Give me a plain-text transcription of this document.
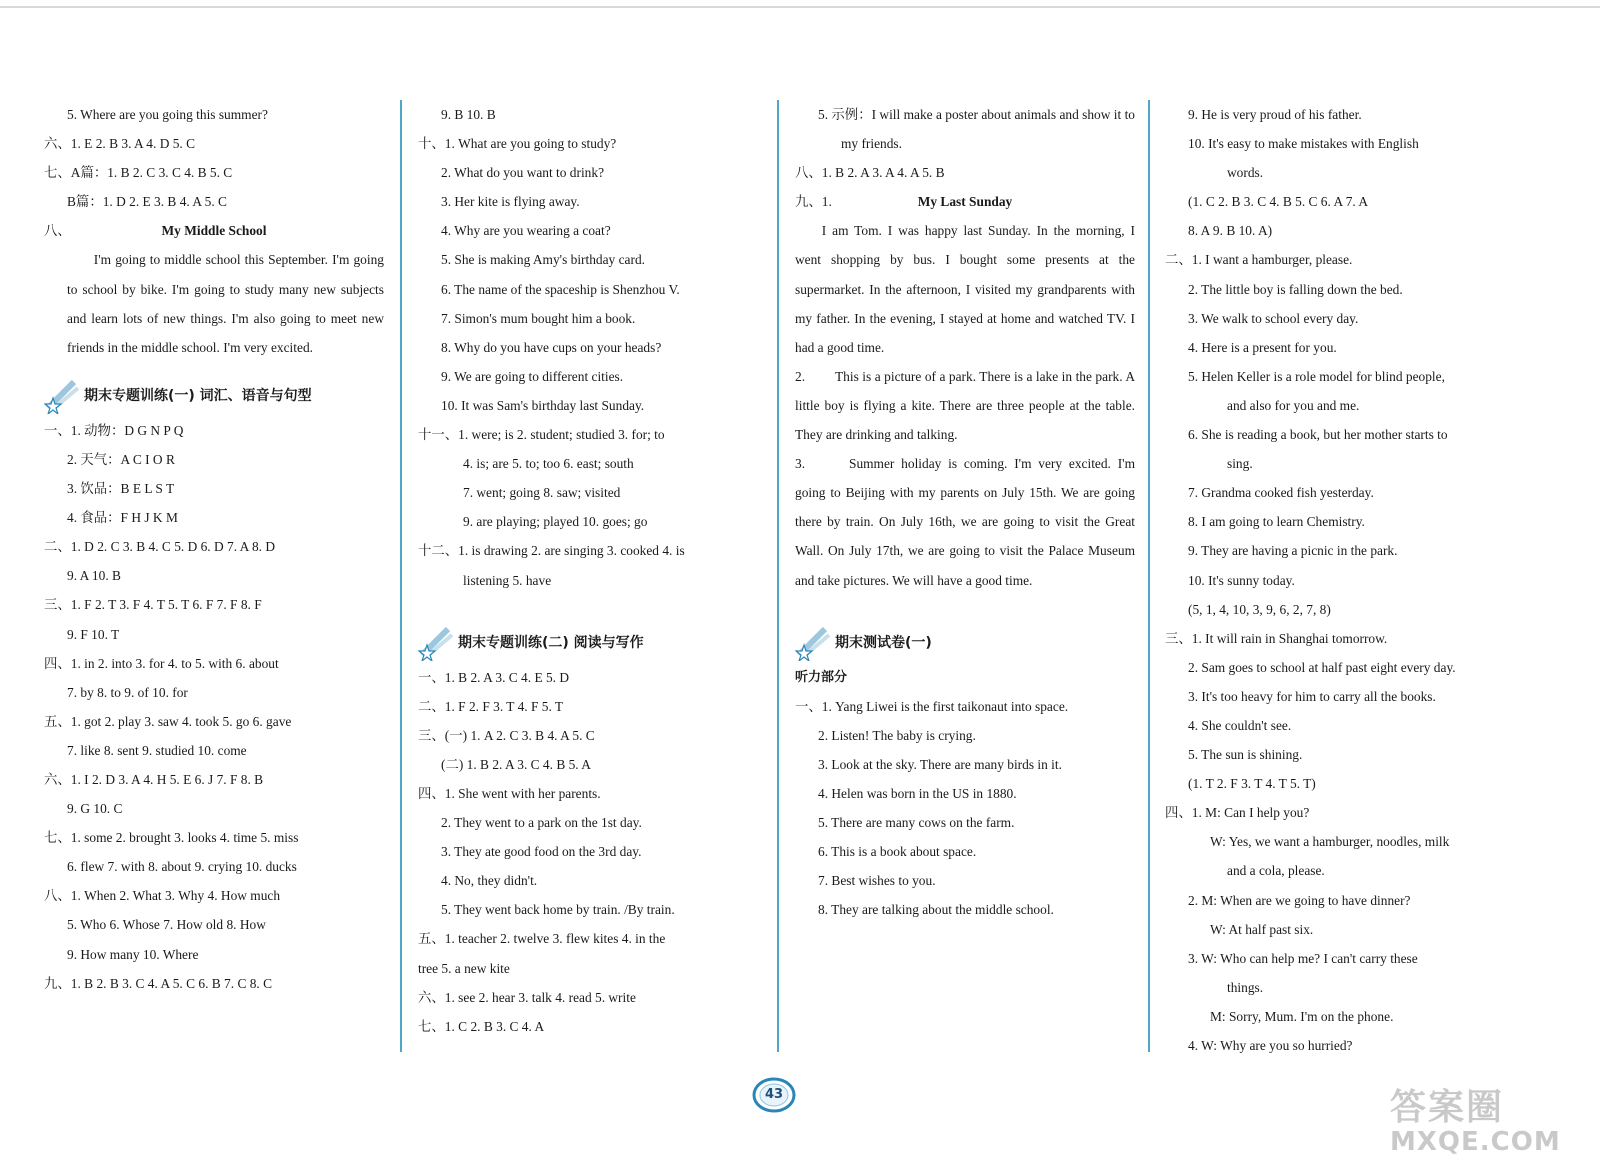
5. Where are you going this summer?
六、1. E 2. B 3. A 4. D 5. C
七、A篇：1. B 2. C 3. C 4. B 5. C
B篇：1. D 2. E 3. B 4. A 5. C
八、	My Middle School
I'm going to middle school this September. I'm going to school by bike. I'm going to study many new subjects and learn lots of new things. I'm also going to meet new friends in the middle school. I'm very excited.
期末专题训练(一) 词汇、语音与句型
一、1. 动物：D G N P Q
2. 天气：A C I O R
3. 饮品：B E L S T
4. 食品：F H J K M
二、1. D 2. C 3. B 4. C 5. D 6. D 7. A 8. D
9. A 10. B
三、1. F 2. T 3. F 4. T 5. T 6. F 7. F 8. F
9. F 10. T
四、1. in 2. into 3. for 4. to 5. with 6. about
7. by 8. to 9. of 10. for
五、1. got 2. play 3. saw 4. took 5. go 6. gave
7. like 8. sent 9. studied 10. come
六、1. I 2. D 3. A 4. H 5. E 6. J 7. F 8. B
9. G 10. C
七、1. some 2. brought 3. looks 4. time 5. miss
6. flew 7. with 8. about 9. crying 10. ducks
八、1. When 2. What 3. Why 4. How much
5. Who 6. Whose 7. How old 8. How
9. How many 10. Where
九、1. B 2. B 3. C 4. A 5. C 6. B 7. C 8. C
9. B 10. B
十、1. What are you going to study?
2. What do you want to drink?
3. Her kite is flying away.
4. Why are you wearing a coat?
5. She is making Amy's birthday card.
6. The name of the spaceship is Shenzhou V.
7. Simon's mum bought him a book.
8. Why do you have cups on your heads?
9. We are going to different cities.
10. It was Sam's birthday last Sunday.
十一、1. were; is 2. student; studied 3. for; to
4. is; are 5. to; too 6. east; south
7. went; going 8. saw; visited
9. are playing; played 10. goes; go
十二、1. is drawing 2. are singing 3. cooked 4. is
listening 5. have
期末专题训练(二) 阅读与写作
一、1. B 2. A 3. C 4. E 5. D
二、1. F 2. F 3. T 4. F 5. T
三、(一) 1. A 2. C 3. B 4. A 5. C
(二) 1. B 2. A 3. C 4. B 5. A
四、1. She went with her parents.
2. They went to a park on the 1st day.
3. They ate good food on the 3rd day.
4. No, they didn't.
5. They went back home by train. /By train.
五、1. teacher 2. twelve 3. flew kites 4. in the
tree 5. a new kite
六、1. see 2. hear 3. talk 4. read 5. write
七、1. C 2. B 3. C 4. A
5. 示例：I will make a poster about animals and show it to my friends.
八、1. B 2. A 3. A 4. A 5. B
九、1.	My Last Sunday
I am Tom. I was happy last Sunday. In the morning, I went shopping by bus. I bought some presents at the supermarket. In the afternoon, I visited my grandparents with my father. In the evening, I stayed at home and watched TV. I had a good time.
2. This is a picture of a park. There is a lake in the park. A little boy is flying a kite. There are three people at the table. They are drinking and talking.
3.	Summer holiday is coming. I'm very excited. I'm going to Beijing with my parents on July 15th. We are going there by train. On July 16th, we are going to visit the Great Wall. On July 17th, we are going to visit the Palace Museum and take pictures. We will have a good time.
期末测试卷(一)
听力部分
一、1. Yang Liwei is the first taikonaut into space.
2. Listen! The baby is crying.
3. Look at the sky. There are many birds in it.
4. Helen was born in the US in 1880.
5. There are many cows on the farm.
6. This is a book about space.
7. Best wishes to you.
8. They are talking about the middle school.
9. He is very proud of his father.
10. It's easy to make mistakes with English
words.
(1. C 2. B 3. C 4. B 5. C 6. A 7. A
8. A 9. B 10. A)
二、1. I want a hamburger, please.
2. The little boy is falling down the bed.
3. We walk to school every day.
4. Here is a present for you.
5. Helen Keller is a role model for blind people,
and also for you and me.
6. She is reading a book, but her mother starts to
sing.
7. Grandma cooked fish yesterday.
8. I am going to learn Chemistry.
9. They are having a picnic in the park.
10. It's sunny today.
(5, 1, 4, 10, 3, 9, 6, 2, 7, 8)
三、1. It will rain in Shanghai tomorrow.
2. Sam goes to school at half past eight every day.
3. It's too heavy for him to carry all the books.
4. She couldn't see.
5. The sun is shining.
(1. T 2. F 3. T 4. T 5. T)
四、1. M: Can I help you?
W: Yes, we want a hamburger, noodles, milk
and a cola, please.
2. M: When are we going to have dinner?
W: At half past six.
3. W: Who can help me? I can't carry these
things.
M: Sorry, Mum. I'm on the phone.
4. W: Why are you so hurried?
43	答案圈
MXQE.COM
